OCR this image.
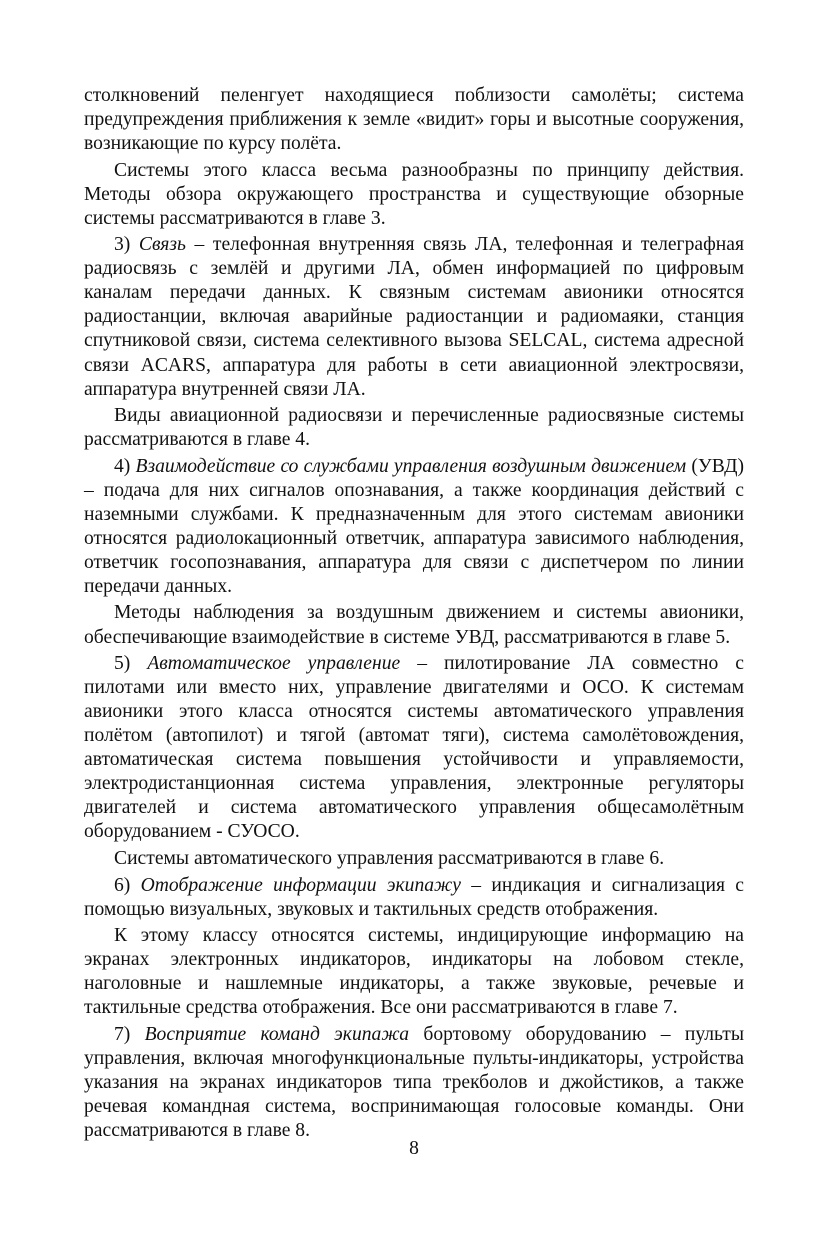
столкновений пеленгует находящиеся поблизости самолёты; система предупреждения приближения к земле «видит» горы и высотные сооружения, возникающие по курсу полёта.

Системы этого класса весьма разнообразны по принципу действия. Методы обзора окружающего пространства и существующие обзорные системы рассматриваются в главе 3.

3) Связь – телефонная внутренняя связь ЛА, телефонная и телеграфная радиосвязь с землёй и другими ЛА, обмен информацией по цифровым каналам передачи данных. К связным системам авионики относятся радиостанции, включая аварийные радиостанции и радиомаяки, станция спутниковой связи, система селективного вызова SELCAL, система адресной связи ACARS, аппаратура для работы в сети авиационной электросвязи, аппаратура внутренней связи ЛА.

Виды авиационной радиосвязи и перечисленные радиосвязные системы рассматриваются в главе 4.

4) Взаимодействие со службами управления воздушным движением (УВД) – подача для них сигналов опознавания, а также координация действий с наземными службами. К предназначенным для этого системам авионики относятся радиолокационный ответчик, аппаратура зависимого наблюдения, ответчик госопознавания, аппаратура для связи с диспетчером по линии передачи данных.

Методы наблюдения за воздушным движением и системы авионики, обеспечивающие взаимодействие в системе УВД, рассматриваются в главе 5.

5) Автоматическое управление – пилотирование ЛА совместно с пилотами или вместо них, управление двигателями и ОСО. К системам авионики этого класса относятся системы автоматического управления полётом (автопилот) и тягой (автомат тяги), система самолётовождения, автоматическая система повышения устойчивости и управляемости, электродистанционная система управления, электронные регуляторы двигателей и система автоматического управления общесамолётным оборудованием - СУОСО.

Системы автоматического управления рассматриваются в главе 6.

6) Отображение информации экипажу – индикация и сигнализация с помощью визуальных, звуковых и тактильных средств отображения.

К этому классу относятся системы, индицирующие информацию на экранах электронных индикаторов, индикаторы на лобовом стекле, наголовные и нашлемные индикаторы, а также звуковые, речевые и тактильные средства отображения. Все они рассматриваются в главе 7.

7) Восприятие команд экипажа бортовому оборудованию – пульты управления, включая многофункциональные пульты-индикаторы, устройства указания на экранах индикаторов типа трекболов и джойстиков, а также речевая командная система, воспринимающая голосовые команды. Они рассматриваются в главе 8.

8
